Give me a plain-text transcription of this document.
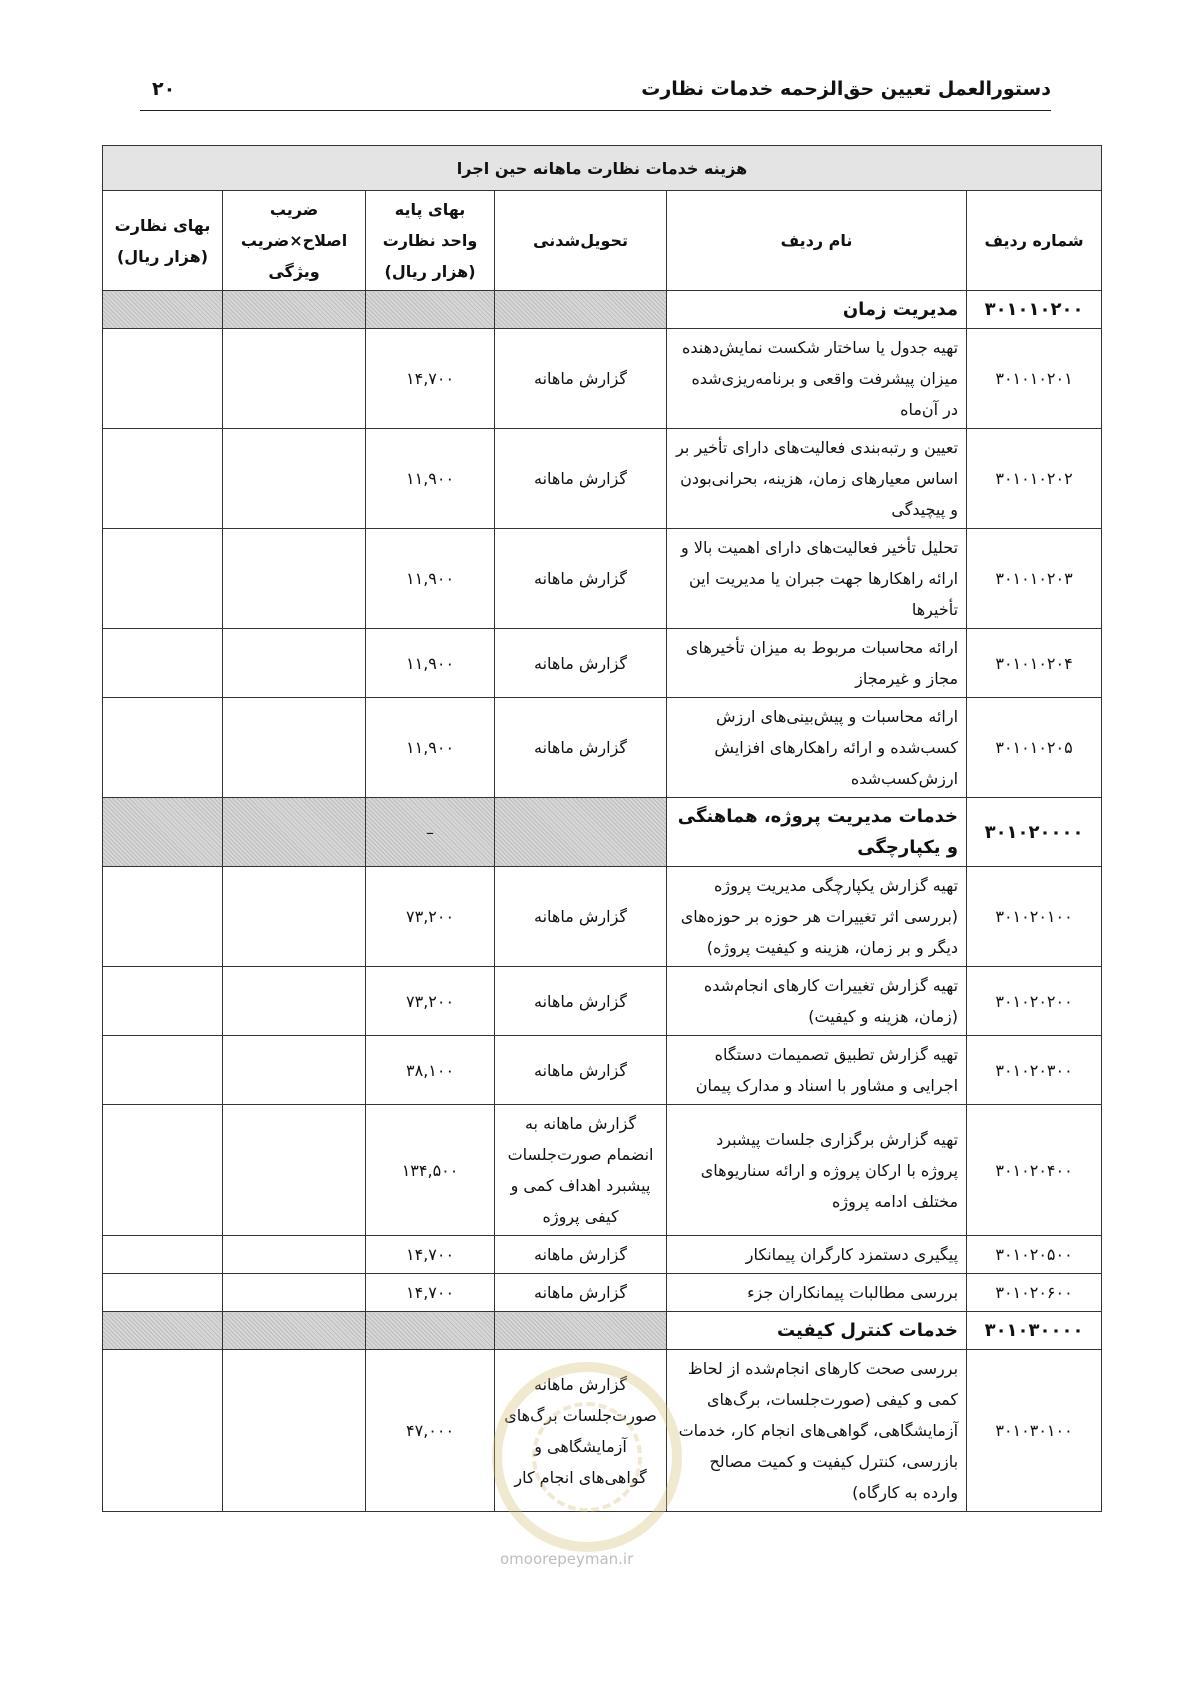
دستورالعمل تعیین حق‌الزحمه خدمات نظارت
۲۰
هزینه خدمات نظارت ماهانه حین اجرا					
شماره ردیف	نام ردیف	تحویل‌شدنی	بهای پایه واحد نظارت (هزار ریال)	ضریب اصلاح×ضریب ویژگی	بهای نظارت (هزار ریال)
۳۰۱۰۱۰۲۰۰	مدیریت زمان				
۳۰۱۰۱۰۲۰۱	تهیه جدول یا ساختار شکست نمایش‌دهنده میزان پیشرفت واقعی و برنامه‌ریزی‌شده در آن‌ماه	گزارش ماهانه	۱۴,۷۰۰		
۳۰۱۰۱۰۲۰۲	تعیین و رتبه‌بندی فعالیت‌های دارای تأخیر بر اساس معیارهای زمان، هزینه، بحرانی‌بودن و پیچیدگی	گزارش ماهانه	۱۱,۹۰۰		
۳۰۱۰۱۰۲۰۳	تحلیل تأخیر فعالیت‌های دارای اهمیت بالا و ارائه راهکارها جهت جبران یا مدیریت این تأخیرها	گزارش ماهانه	۱۱,۹۰۰		
۳۰۱۰۱۰۲۰۴	ارائه محاسبات مربوط به میزان تأخیرهای مجاز و غیرمجاز	گزارش ماهانه	۱۱,۹۰۰		
۳۰۱۰۱۰۲۰۵	ارائه محاسبات و پیش‌بینی‌های ارزش کسب‌شده و ارائه راهکارهای افزایش ارزش‌کسب‌شده	گزارش ماهانه	۱۱,۹۰۰		
۳۰۱۰۲۰۰۰۰	خدمات مدیریت پروژه، هماهنگی و یکپارچگی		–		
۳۰۱۰۲۰۱۰۰	تهیه گزارش یکپارچگی مدیریت پروژه (بررسی اثر تغییرات هر حوزه بر حوزه‌های دیگر و بر زمان، هزینه و کیفیت پروژه)	گزارش ماهانه	۷۳,۲۰۰		
۳۰۱۰۲۰۲۰۰	تهیه گزارش تغییرات کارهای انجام‌شده (زمان، هزینه و کیفیت)	گزارش ماهانه	۷۳,۲۰۰		
۳۰۱۰۲۰۳۰۰	تهیه گزارش تطبیق تصمیمات دستگاه اجرایی و مشاور با اسناد و مدارک پیمان	گزارش ماهانه	۳۸,۱۰۰		
۳۰۱۰۲۰۴۰۰	تهیه گزارش برگزاری جلسات پیشبرد پروژه با ارکان پروژه و ارائه سناریوهای مختلف ادامه پروژه	گزارش ماهانه به انضمام صورت‌جلسات پیشبرد اهداف کمی و کیفی پروژه	۱۳۴,۵۰۰		
۳۰۱۰۲۰۵۰۰	پیگیری دستمزد کارگران پیمانکار	گزارش ماهانه	۱۴,۷۰۰		
۳۰۱۰۲۰۶۰۰	بررسی مطالبات پیمانکاران جزء	گزارش ماهانه	۱۴,۷۰۰		
۳۰۱۰۳۰۰۰۰	خدمات کنترل کیفیت				
۳۰۱۰۳۰۱۰۰	بررسی صحت کارهای انجام‌شده از لحاظ کمی و کیفی (صورت‌جلسات، برگ‌های آزمایشگاهی، گواهی‌های انجام کار، خدمات بازرسی، کنترل کیفیت و کمیت مصالح وارده به کارگاه)	گزارش ماهانه صورت‌جلسات برگ‌های آزمایشگاهی و گواهی‌های انجام کار	۴۷,۰۰۰		
omoorepeyman.ir
